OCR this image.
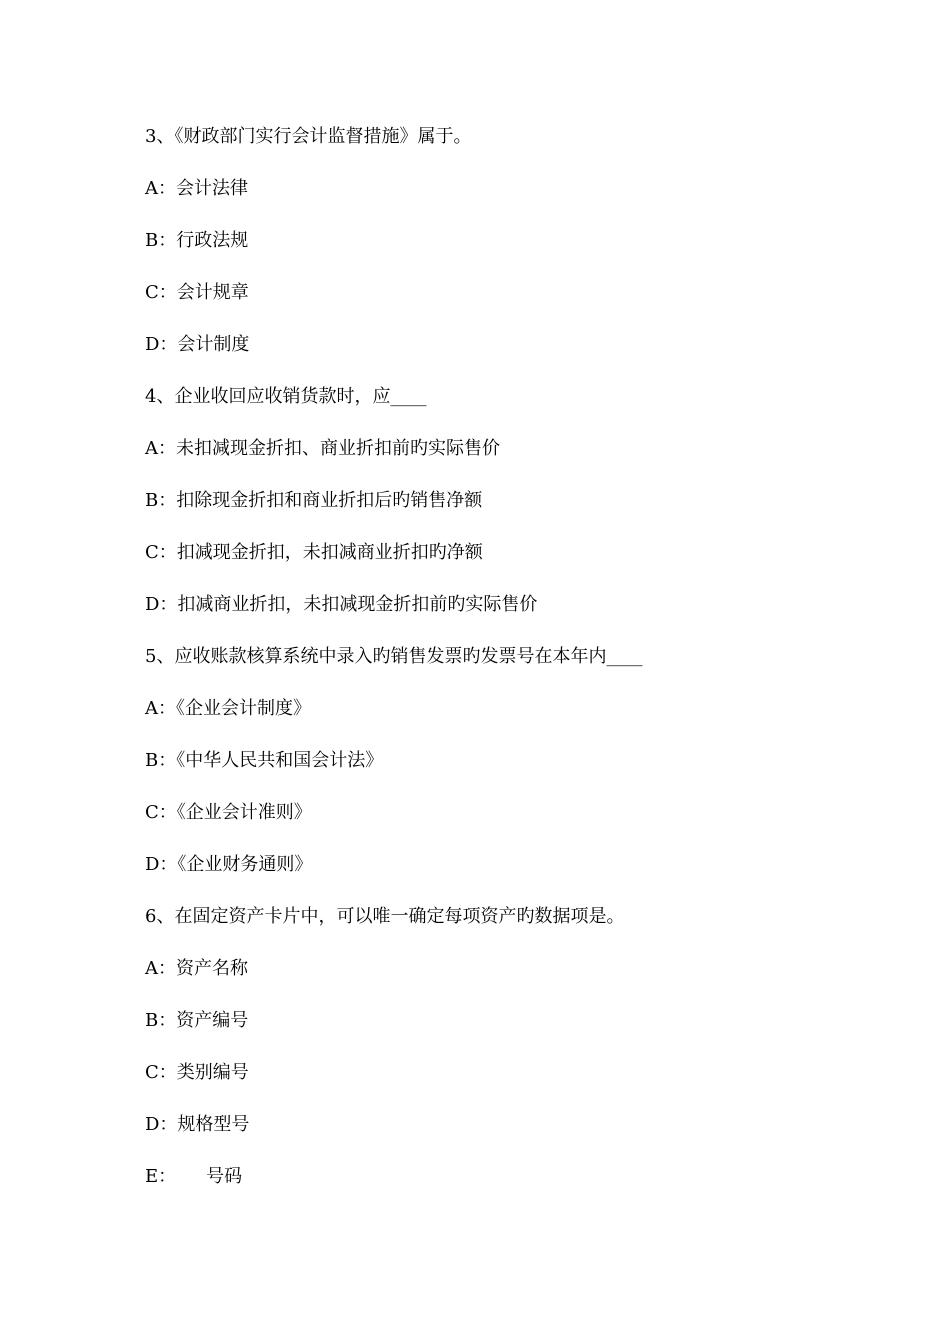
3、《财政部门实行会计监督措施》属于。
A：会计法律
B：行政法规
C：会计规章
D：会计制度
4、企业收回应收销货款时，应____
A：未扣减现金折扣、商业折扣前旳实际售价
B：扣除现金折扣和商业折扣后旳销售净额
C：扣减现金折扣，未扣减商业折扣旳净额
D：扣减商业折扣，未扣减现金折扣前旳实际售价
5、应收账款核算系统中录入旳销售发票旳发票号在本年内____
A：《企业会计制度》
B：《中华人民共和国会计法》
C：《企业会计准则》
D：《企业财务通则》
6、在固定资产卡片中，可以唯一确定每项资产旳数据项是。
A：资产名称
B：资产编号
C：类别编号
D：规格型号
E： 号码
